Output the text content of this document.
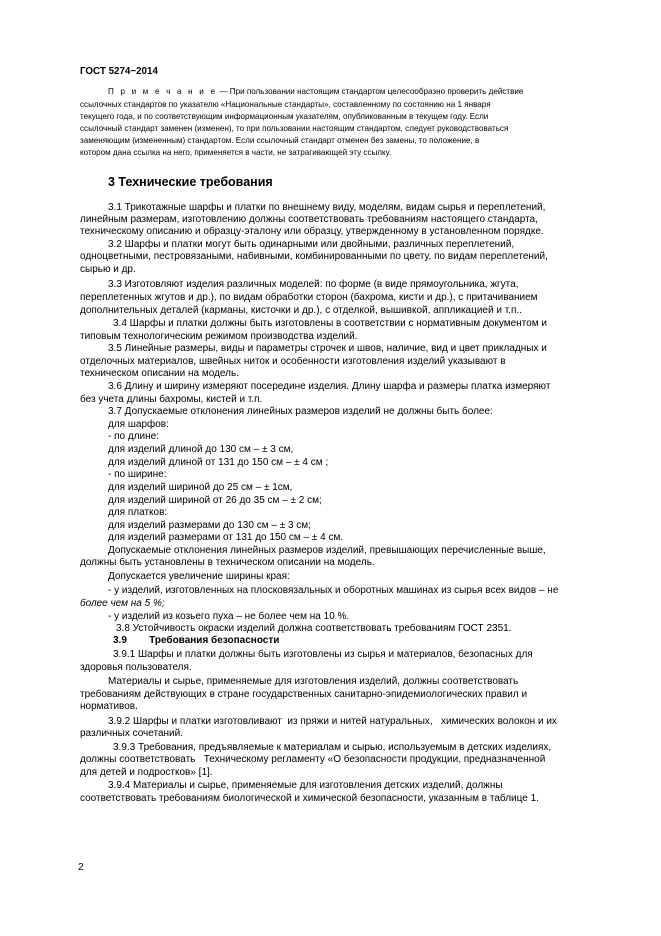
ГОСТ 5274−2014
П р и м е ч а н и е — При пользовании настоящим стандартом целесообразно проверить действие
ссылочных стандартов по указателю «Национальные стандарты», составленному по состоянию на 1 января
текущего года, и по соответствующим информационным указателям, опубликованным в текущем году. Если
ссылочный стандарт заменен (изменен), то при пользовании настоящим стандартом, следует руководствоваться
заменяющим (измененным) стандартом. Если ссылочный стандарт отменен без замены, то положение, в
котором дана ссылка на него, применяется в части, не затрагивающей эту ссылку.
3 Технические требования
3.1 Трикотажные шарфы и платки по внешнему виду, моделям, видам сырья и переплетений,
линейным размерам, изготовлению должны соответствовать требованиям настоящего стандарта,
техническому описанию и образцу-эталону или образцу, утвержденному в установленном порядке.
3.2 Шарфы и платки могут быть одинарными или двойными, различных переплетений,
одноцветными, пестровязаными, набивными, комбинированными по цвету, по видам переплетений,
сырью и др.
3.3 Изготовляют изделия различных моделей: по форме (в виде прямоугольника, жгута,
переплетенных жгутов и др.), по видам обработки сторон (бахрома, кисти и др.), с притачиванием
дополнительных деталей (карманы, кисточки и др.), с отделкой, вышивкой, аппликацией и т.п..
3.4 Шарфы и платки должны быть изготовлены в соответствии с нормативным документом и
типовым технологическим режимом производства изделий.
3.5 Линейные размеры, виды и параметры строчек и швов, наличие, вид и цвет прикладных и
отделочных материалов, швейных ниток и особенности изготовления изделий указывают в
техническом описании на модель.
3.6 Длину и ширину измеряют посередине изделия. Длину шарфа и размеры платка измеряют
без учета длины бахромы, кистей и т.п.
3.7 Допускаемые отклонения линейных размеров изделий не должны быть более:
для шарфов:
- по длине:
для изделий длиной до 130 см – ± 3 см,
для изделий длиной от 131 до 150 см – ± 4 см ;
- по ширине:
для изделий шириной до 25 см – ± 1см,
для изделий шириной от 26 до 35 см – ± 2 см;
для платков:
для изделий размерами до 130 см – ± 3 см;
для изделий размерами от 131 до 150 см – ± 4 см.
Допускаемые отклонения линейных размеров изделий, превышающих перечисленные выше,
должны быть установлены в техническом описании на модель.
Допускается увеличение ширины края:
- у изделий, изготовленных на плосковязальных и оборотных машинах из сырья всех видов – не
более чем на 5 %;
- у изделий из козьего пуха – не более чем на 10 %.
3.8 Устойчивость окраски изделий должна соответствовать требованиям ГОСТ 2351.
3.9        Требования безопасности
3.9.1 Шарфы и платки должны быть изготовлены из сырья и материалов, безопасных для
здоровья пользователя.
Материалы и сырье, применяемые для изготовления изделий, должны соответствовать
требованиям действующих в стране государственных санитарно-эпидемиологических правил и
нормативов.
3.9.2 Шарфы и платки изготовливают  из пряжи и нитей натуральных,   химических волокон и их
различных сочетаний.
3.9.3 Требования, предъявляемые к материалам и сырью, используемым в детских изделиях,
должны соответствовать   Техническому регламенту «О безопасности продукции, предназначенной
для детей и подростков» [1].
3.9.4 Материалы и сырье, применяемые для изготовления детских изделий, должны
соответствовать требованиям биологической и химической безопасности, указанным в таблице 1.
2
